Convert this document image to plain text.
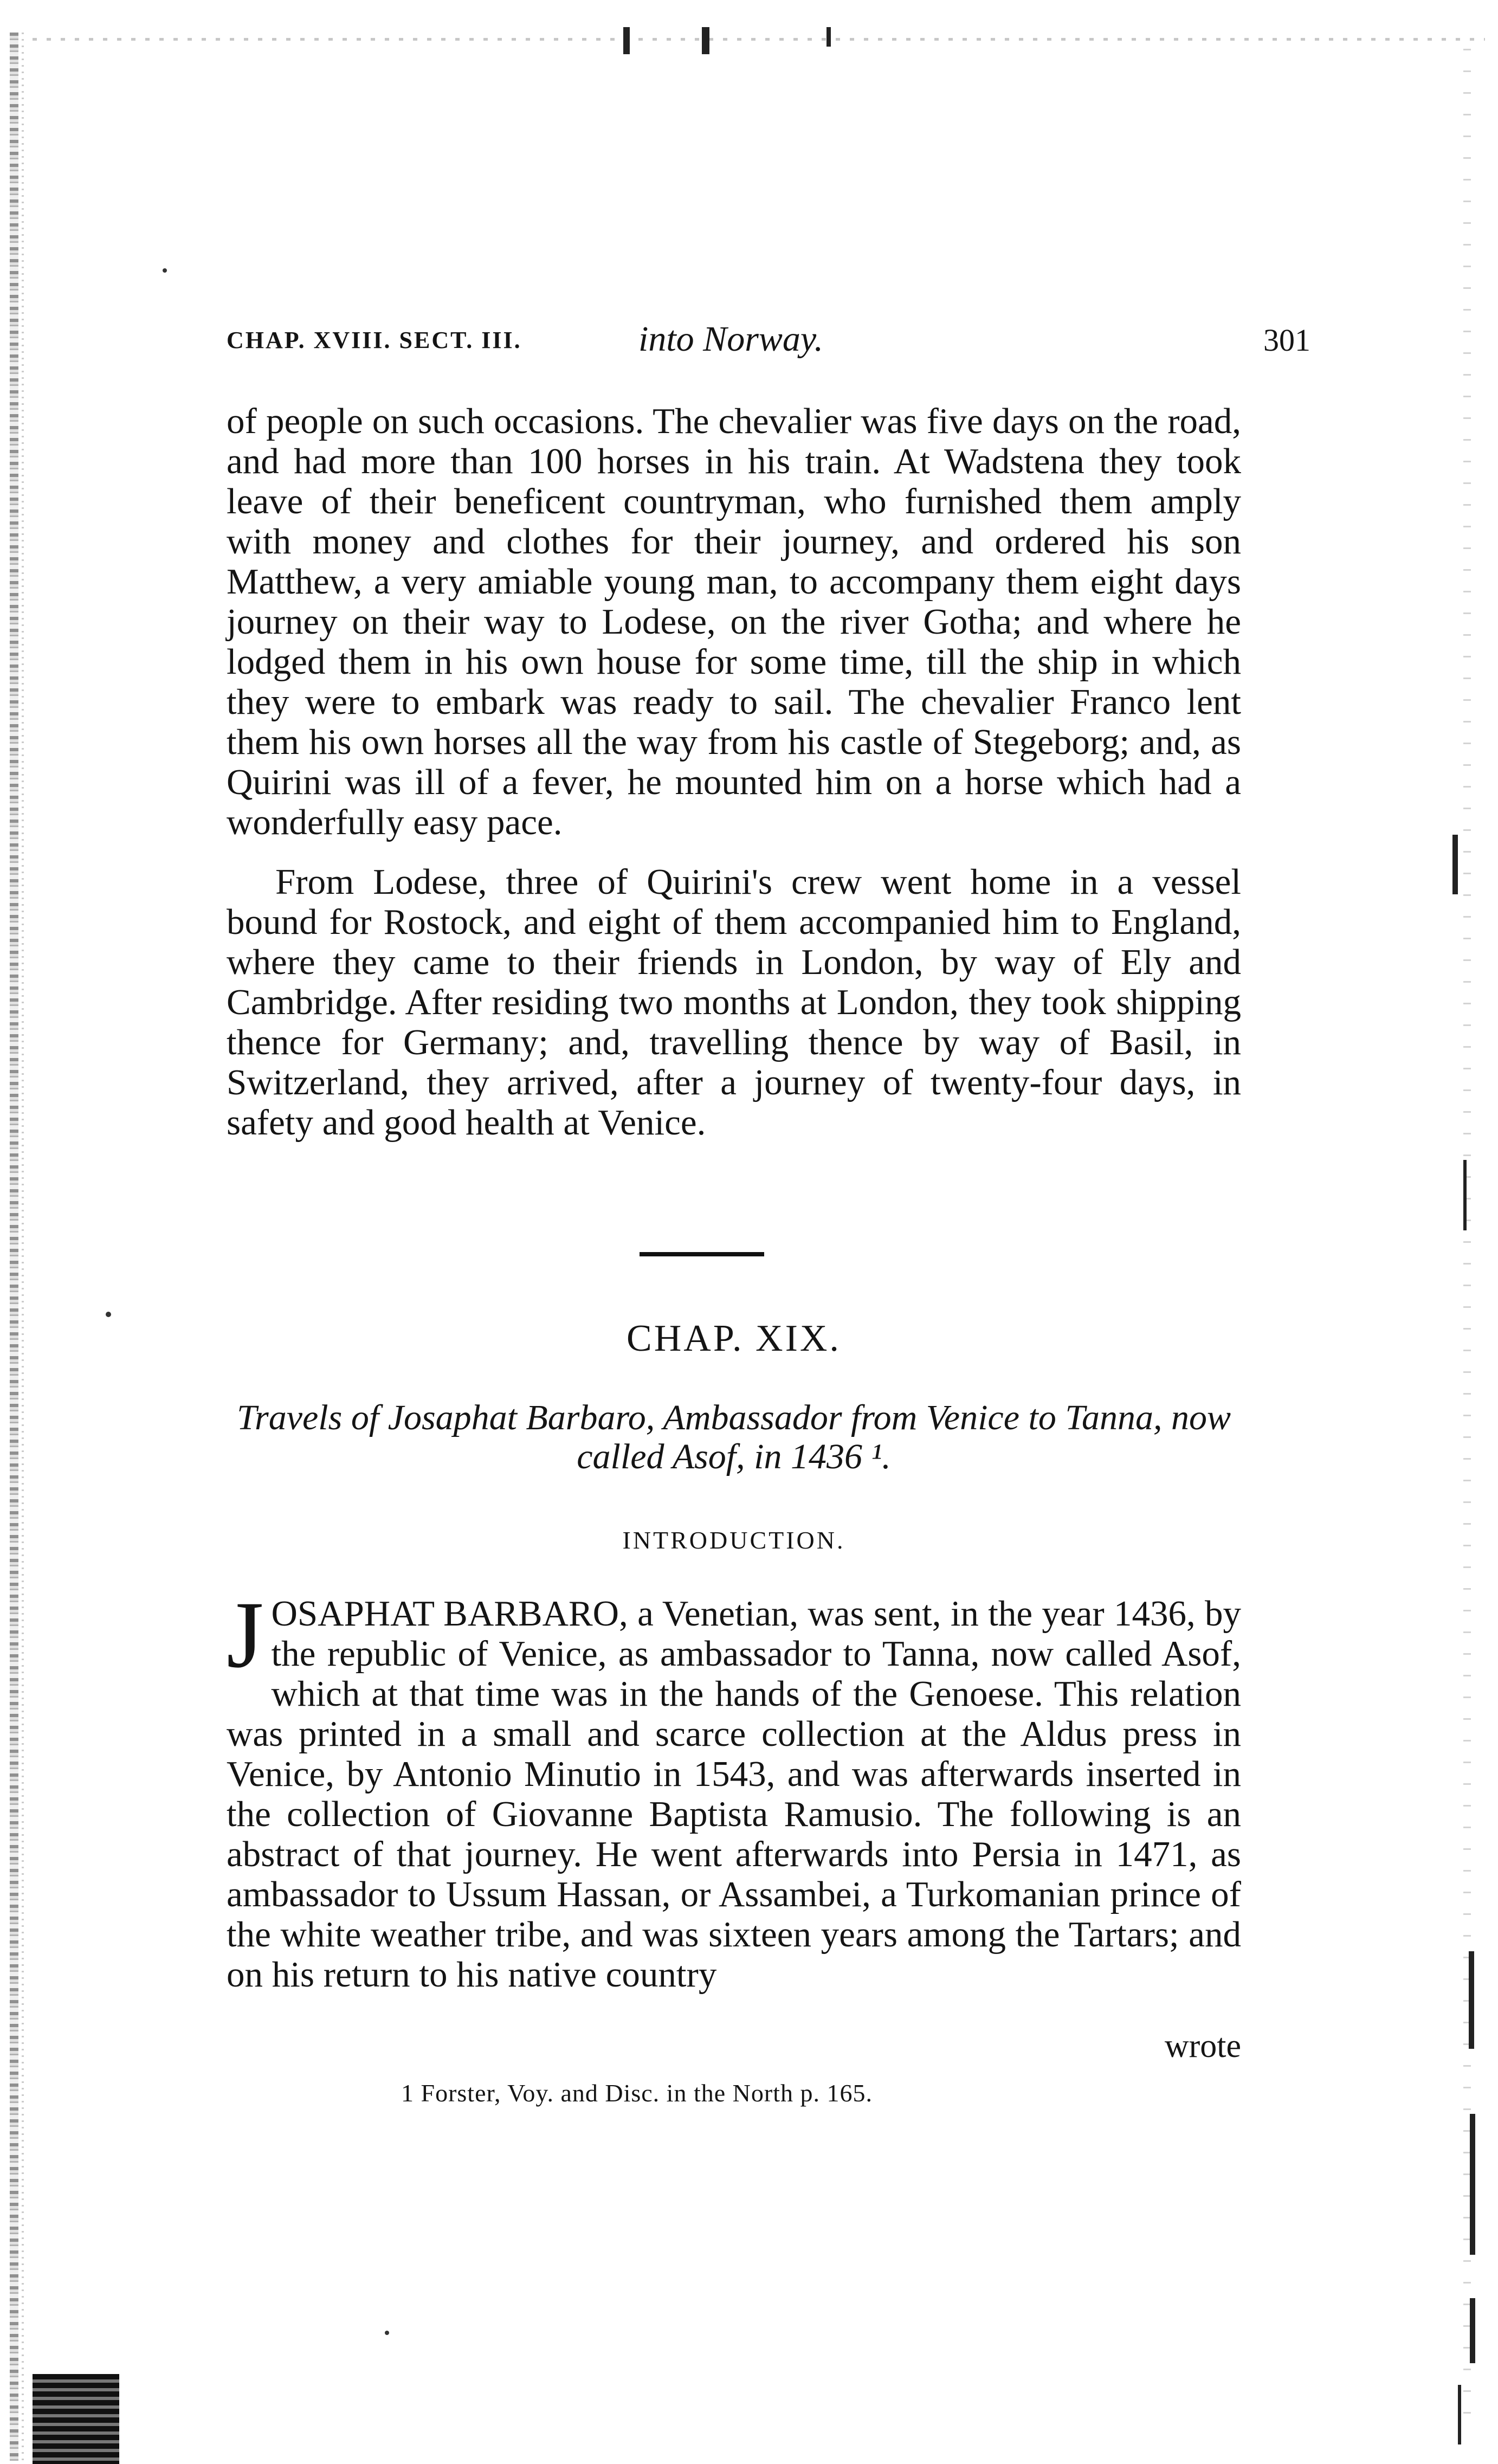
CHAP. XVIII. SECT. III.	into Norway.	301

of people on such occasions. The chevalier was five days on the road, and had more than 100 horses in his train. At Wadstena they took leave of their beneficent countryman, who furnished them amply with money and clothes for their journey, and ordered his son Matthew, a very amiable young man, to accompany them eight days journey on their way to Lodese, on the river Gotha; and where he lodged them in his own house for some time, till the ship in which they were to embark was ready to sail. The chevalier Franco lent them his own horses all the way from his castle of Stegeborg; and, as Quirini was ill of a fever, he mounted him on a horse which had a wonderfully easy pace.

From Lodese, three of Quirini's crew went home in a vessel bound for Rostock, and eight of them accompanied him to England, where they came to their friends in London, by way of Ely and Cambridge. After residing two months at London, they took shipping thence for Germany; and, travelling thence by way of Basil, in Switzerland, they arrived, after a journey of twenty-four days, in safety and good health at Venice.

CHAP. XIX.
Travels of Josaphat Barbaro, Ambassador from Venice to Tanna, now called Asof, in 1436 ¹.
INTRODUCTION.

JOSAPHAT BARBARO, a Venetian, was sent, in the year 1436, by the republic of Venice, as ambassador to Tanna, now called Asof, which at that time was in the hands of the Genoese. This relation was printed in a small and scarce collection at the Aldus press in Venice, by Antonio Minutio in 1543, and was afterwards inserted in the collection of Giovanne Baptista Ramusio. The following is an abstract of that journey. He went afterwards into Persia in 1471, as ambassador to Ussum Hassan, or Assambei, a Turkomanian prince of the white weather tribe, and was sixteen years among the Tartars; and on his return to his native country

wrote
1 Forster, Voy. and Disc. in the North p. 165.
